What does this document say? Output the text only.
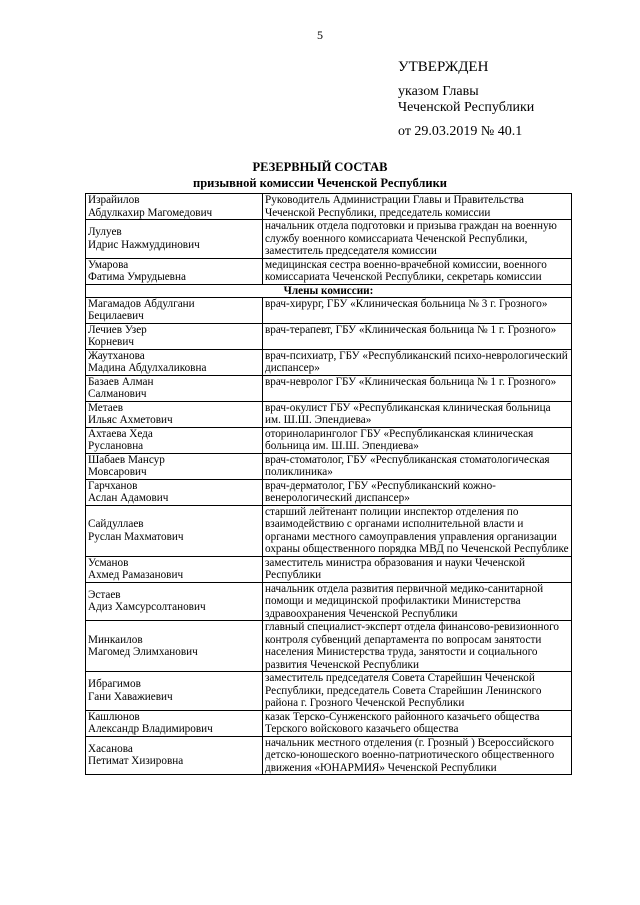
5

УТВЕРЖДЕН

указом Главы

Чеченской Республики

от 29.03.2019 № 40.1

РЕЗЕРВНЫЙ СОСТАВ
призывной комиссии Чеченской Республики
Израйилов
Абдулкахир Магомедович	Руководитель Администрации Главы и Правительства Чеченской Республики, председатель комиссии

Лулуев
Идрис Нажмуддинович	начальник отдела подготовки и призыва граждан на военную службу военного комиссариата Чеченской Республики, заместитель председателя комиссии

Умарова
Фатима Умрудыевна	медицинская сестра военно-врачебной комиссии, военного комиссариата Чеченской Республики, секретарь комиссии
Члены комиссии:	

Магамадов Абдулгани
Бецилаевич	врач-хирург, ГБУ «Клиническая больница № 3 г. Грозного»

Лечиев Узер
Корневич	врач-терапевт, ГБУ «Клиническая больница № 1 г. Грозного»

Жаутханова
Мадина Абдулхаликовна	врач-психиатр, ГБУ «Республиканский психо-неврологический диспансер»

Базаев Алман
Салманович	врач-невролог ГБУ «Клиническая больница № 1 г. Грозного»

Метаев
Ильяс Ахметович	врач-окулист ГБУ «Республиканская клиническая больница им. Ш.Ш. Эпендиева»

Ахтаева Хеда
Руслановна	оториноларинголог ГБУ «Республиканская клиническая больница им. Ш.Ш. Эпендиева»

Шабаев Мансур
Мовсарович	врач-стоматолог, ГБУ «Республиканская стоматологическая поликлиника»

Гарчханов
Аслан Адамович	врач-дерматолог, ГБУ «Республиканский кожно-венерологический диспансер»

Сайдуллаев
Руслан Махматович	старший лейтенант полиции инспектор отделения по взаимодействию с органами исполнительной власти и органами местного самоуправления управления организации охраны общественного порядка МВД по Чеченской Республике

Усманов
Ахмед Рамазанович	заместитель министра образования и науки Чеченской Республики

Эстаев
Адиз Хамсурсолтанович	начальник отдела развития первичной медико-санитарной помощи и медицинской профилактики Министерства здравоохранения Чеченской Республики

Минкаилов
Магомед Элимханович	главный специалист-эксперт отдела финансово-ревизионного контроля субвенций департамента по вопросам занятости населения Министерства труда, занятости и социального развития Чеченской Республики

Ибрагимов
Гани Хаважиевич	заместитель председателя Совета Старейшин Чеченской Республики, председатель Совета Старейшин Ленинского района г. Грозного Чеченской Республики

Кашлюнов
Александр Владимирович	казак Терско-Сунженского районного казачьего общества Терского войскового казачьего общества

Хасанова
Петимат Хизировна	начальник местного отделения (г. Грозный ) Всероссийского детско-юношеского военно-патриотического общественного движения «ЮНАРМИЯ» Чеченской Республики
